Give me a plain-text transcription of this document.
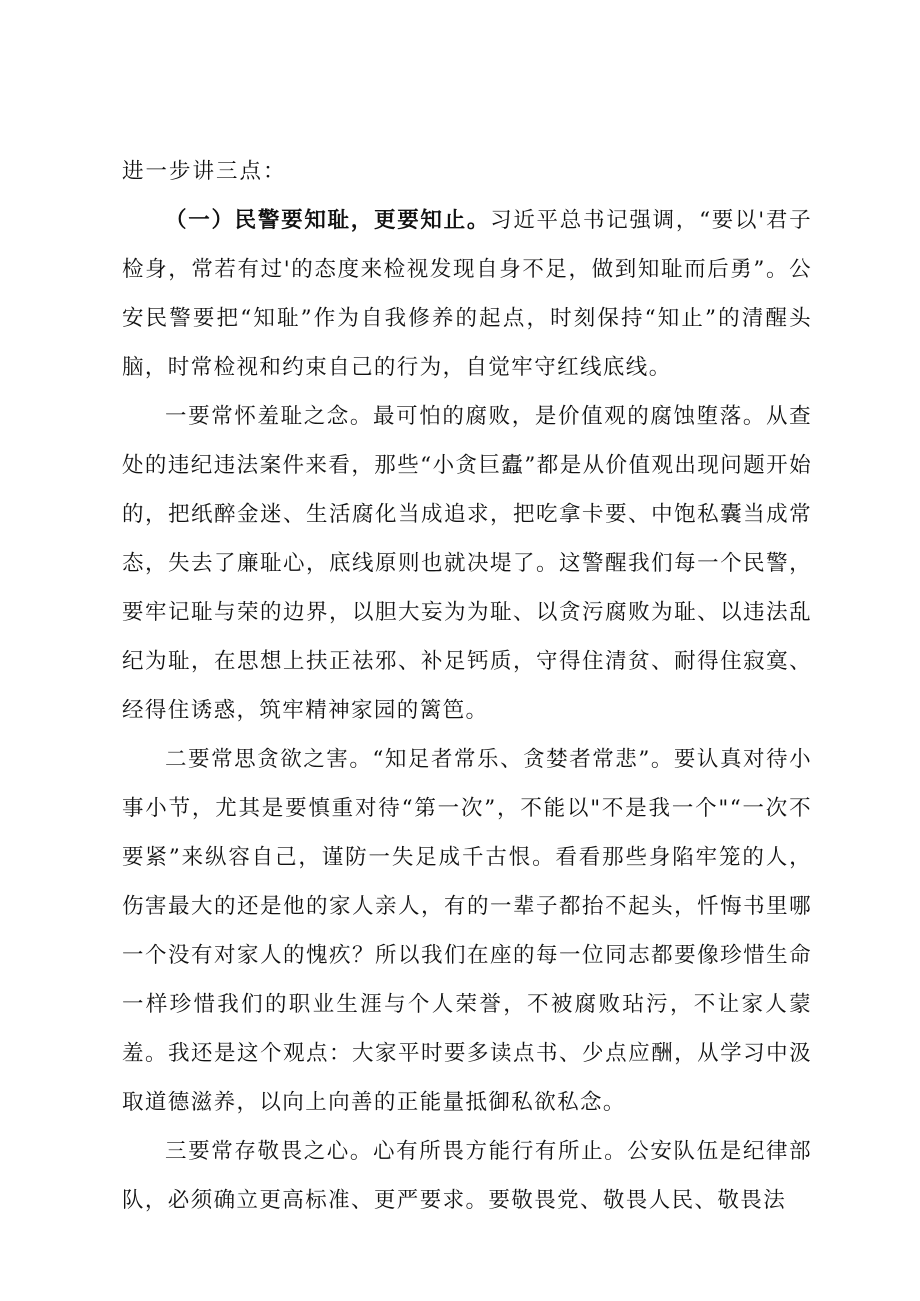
进一步讲三点：

（一）民警要知耻，更要知止。习近平总书记强调，“要以'君子检身，常若有过'的态度来检视发现自身不足，做到知耻而后勇”。公安民警要把“知耻”作为自我修养的起点，时刻保持“知止”的清醒头脑，时常检视和约束自己的行为，自觉牢守红线底线。

一要常怀羞耻之念。最可怕的腐败，是价值观的腐蚀堕落。从查处的违纪违法案件来看，那些“小贪巨蠹”都是从价值观出现问题开始的，把纸醉金迷、生活腐化当成追求，把吃拿卡要、中饱私囊当成常态，失去了廉耻心，底线原则也就决堤了。这警醒我们每一个民警，要牢记耻与荣的边界，以胆大妄为为耻、以贪污腐败为耻、以违法乱纪为耻，在思想上扶正祛邪、补足钙质，守得住清贫、耐得住寂寞、经得住诱惑，筑牢精神家园的篱笆。

二要常思贪欲之害。“知足者常乐、贪婪者常悲”。要认真对待小事小节，尤其是要慎重对待“第一次”，不能以"不是我一个"“一次不要紧”来纵容自己，谨防一失足成千古恨。看看那些身陷牢笼的人，伤害最大的还是他的家人亲人，有的一辈子都抬不起头，忏悔书里哪一个没有对家人的愧疚？所以我们在座的每一位同志都要像珍惜生命一样珍惜我们的职业生涯与个人荣誉，不被腐败玷污，不让家人蒙羞。我还是这个观点：大家平时要多读点书、少点应酬，从学习中汲取道德滋养，以向上向善的正能量抵御私欲私念。

三要常存敬畏之心。心有所畏方能行有所止。公安队伍是纪律部队，必须确立更高标准、更严要求。要敬畏党、敬畏人民、敬畏法
